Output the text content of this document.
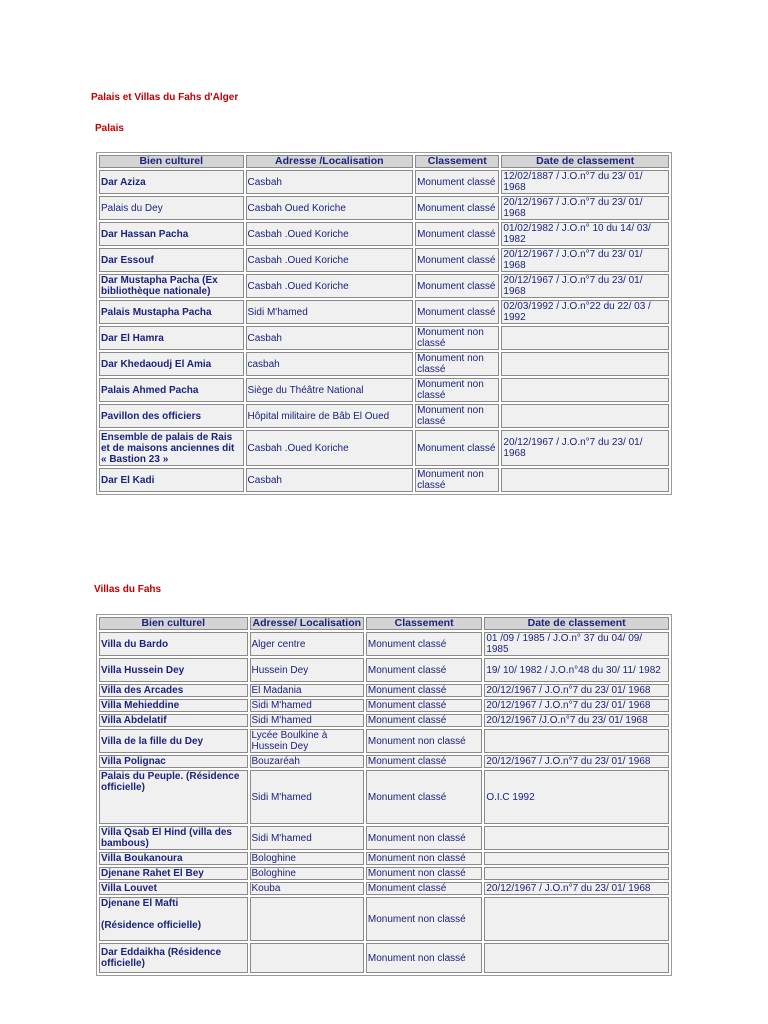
Palais et Villas du Fahs d'Alger
Palais
Bien culturel	Adresse /Localisation	Classement	Date de classement
Dar Aziza	Casbah	Monument classé	12/02/1887 / J.O.n°7 du 23/ 01/ 1968
Palais du Dey	Casbah Oued Koriche	Monument classé	20/12/1967 / J.O.n°7 du 23/ 01/ 1968
Dar Hassan Pacha	Casbah .Oued Koriche	Monument classé	01/02/1982 / J.O.n° 10 du 14/ 03/ 1982
Dar Essouf	Casbah .Oued Koriche	Monument classé	20/12/1967 / J.O.n°7 du 23/ 01/ 1968
Dar Mustapha Pacha (Ex bibliothèque nationale)	Casbah .Oued Koriche	Monument classé	20/12/1967 / J.O.n°7 du 23/ 01/ 1968
Palais Mustapha Pacha	Sidi M'hamed	Monument classé	02/03/1992 / J.O.n°22 du 22/ 03 / 1992
Dar El Hamra	Casbah	Monument non classé	
Dar Khedaoudj El Amia	casbah	Monument non classé	
Palais Ahmed Pacha	Siège du Théâtre National	Monument non classé	
Pavillon des officiers	Hôpital militaire de Bâb El Oued	Monument non classé	
Ensemble de palais de Rais et de maisons anciennes dit « Bastion 23 »	Casbah .Oued Koriche	Monument classé	20/12/1967 / J.O.n°7 du 23/ 01/ 1968
Dar El Kadi	Casbah	Monument non classé	
Villas du Fahs
Bien culturel	Adresse/ Localisation	Classement	Date de classement
Villa du Bardo	Alger centre	Monument classé	01 /09 / 1985 / J.O.n° 37 du 04/ 09/ 1985
Villa Hussein Dey	Hussein Dey	Monument classé	19/ 10/ 1982 / J.O.n°48 du 30/ 11/ 1982
Villa des Arcades	El Madania	Monument classé	20/12/1967 / J.O.n°7 du 23/ 01/ 1968
Villa Mehieddine	Sidi M'hamed	Monument classé	20/12/1967 / J.O.n°7 du 23/ 01/ 1968
Villa Abdelatif	Sidi M'hamed	Monument classé	20/12/1967 /J.O.n°7 du 23/ 01/ 1968
Villa de la fille du Dey	Lycée Boulkine à Hussein Dey	Monument non classé	
Villa Polignac	Bouzaréah	Monument classé	20/12/1967 / J.O.n°7 du 23/ 01/ 1968
Palais du Peuple. (Résidence officielle)	Sidi M'hamed	Monument classé	O.I.C 1992
Villa Qsab El Hind (villa des bambous)	Sidi M'hamed	Monument non classé	
Villa Boukanoura	Bologhine	Monument non classé	
Djenane Rahet El Bey	Bologhine	Monument non classé	
Villa Louvet	Kouba	Monument classé	20/12/1967 / J.O.n°7 du 23/ 01/ 1968

Djenane El Mafti
(Résidence officielle)		Monument non classé	
Dar Eddaikha (Résidence officielle)		Monument non classé	
